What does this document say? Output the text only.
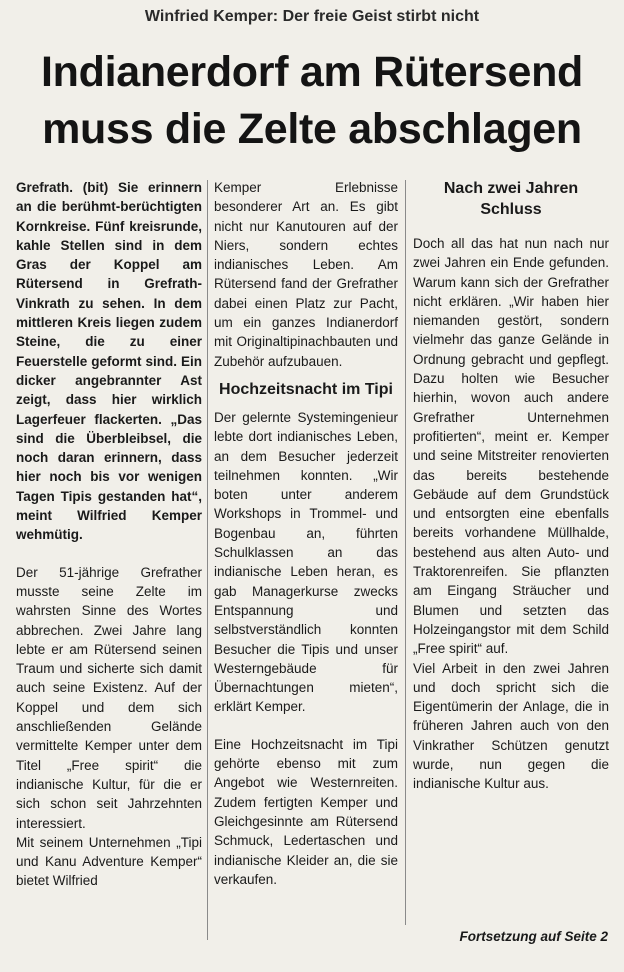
Winfried Kemper: Der freie Geist stirbt nicht
Indianerdorf am Rütersend
muss die Zelte abschlagen

Grefrath. (bit) Sie erinnern an die berühmt-berüchtigten Kornkreise. Fünf kreisrunde, kahle Stellen sind in dem Gras der Koppel am Rütersend in Grefrath-Vinkrath zu sehen. In dem mittleren Kreis liegen zudem Steine, die zu einer Feuerstelle geformt sind. Ein dicker angebrannter Ast zeigt, dass hier wirklich Lagerfeuer flackerten. „Das sind die Überbleibsel, die noch daran erinnern, dass hier noch bis vor wenigen Tagen Tipis gestanden hat“, meint Wilfried Kemper wehmütig.

Der 51-jährige Grefrather musste seine Zelte im wahrsten Sinne des Wortes abbrechen. Zwei Jahre lang lebte er am Rütersend seinen Traum und sicherte sich damit auch seine Existenz. Auf der Koppel und dem sich anschließenden Gelände vermittelte Kemper unter dem Titel „Free spirit“ die indianische Kultur, für die er sich schon seit Jahrzehnten interessiert.

Mit seinem Unternehmen „Tipi und Kanu Adventure Kemper“ bietet Wilfried

Kemper Erlebnisse besonderer Art an. Es gibt nicht nur Kanutouren auf der Niers, sondern echtes indianisches Leben. Am Rütersend fand der Grefrather dabei einen Platz zur Pacht, um ein ganzes Indianerdorf mit Originaltipinachbauten und Zubehör aufzubauen.

Hochzeitsnacht im Tipi

Der gelernte Systemingenieur lebte dort indianisches Leben, an dem Besucher jederzeit teilnehmen konnten. „Wir boten unter anderem Workshops in Trommel- und Bogenbau an, führten Schulklassen an das indianische Leben heran, es gab Managerkurse zwecks Entspannung und selbstverständlich konnten Besucher die Tipis und unser Westerngebäude für Übernachtungen mieten“, erklärt Kemper.

Eine Hochzeitsnacht im Tipi gehörte ebenso mit zum Angebot wie Westernreiten. Zudem fertigten Kemper und Gleichgesinnte am Rütersend Schmuck, Ledertaschen und indianische Kleider an, die sie verkaufen.

Nach zwei Jahren Schluss

Doch all das hat nun nach nur zwei Jahren ein Ende gefunden. Warum kann sich der Grefrather nicht erklären. „Wir haben hier niemanden gestört, sondern vielmehr das ganze Gelände in Ordnung gebracht und gepflegt. Dazu holten wie Besucher hierhin, wovon auch andere Grefrather Unternehmen profitierten“, meint er. Kemper und seine Mitstreiter renovierten das bereits bestehende Gebäude auf dem Grundstück und entsorgten eine ebenfalls bereits vorhandene Müllhalde, bestehend aus alten Auto- und Traktorenreifen. Sie pflanzten am Eingang Sträucher und Blumen und setzten das Holzeingangstor mit dem Schild „Free spirit“ auf.

Viel Arbeit in den zwei Jahren und doch spricht sich die Eigentümerin der Anlage, die in früheren Jahren auch von den Vinkrather Schützen genutzt wurde, nun gegen die indianische Kultur aus.

Fortsetzung auf Seite 2
